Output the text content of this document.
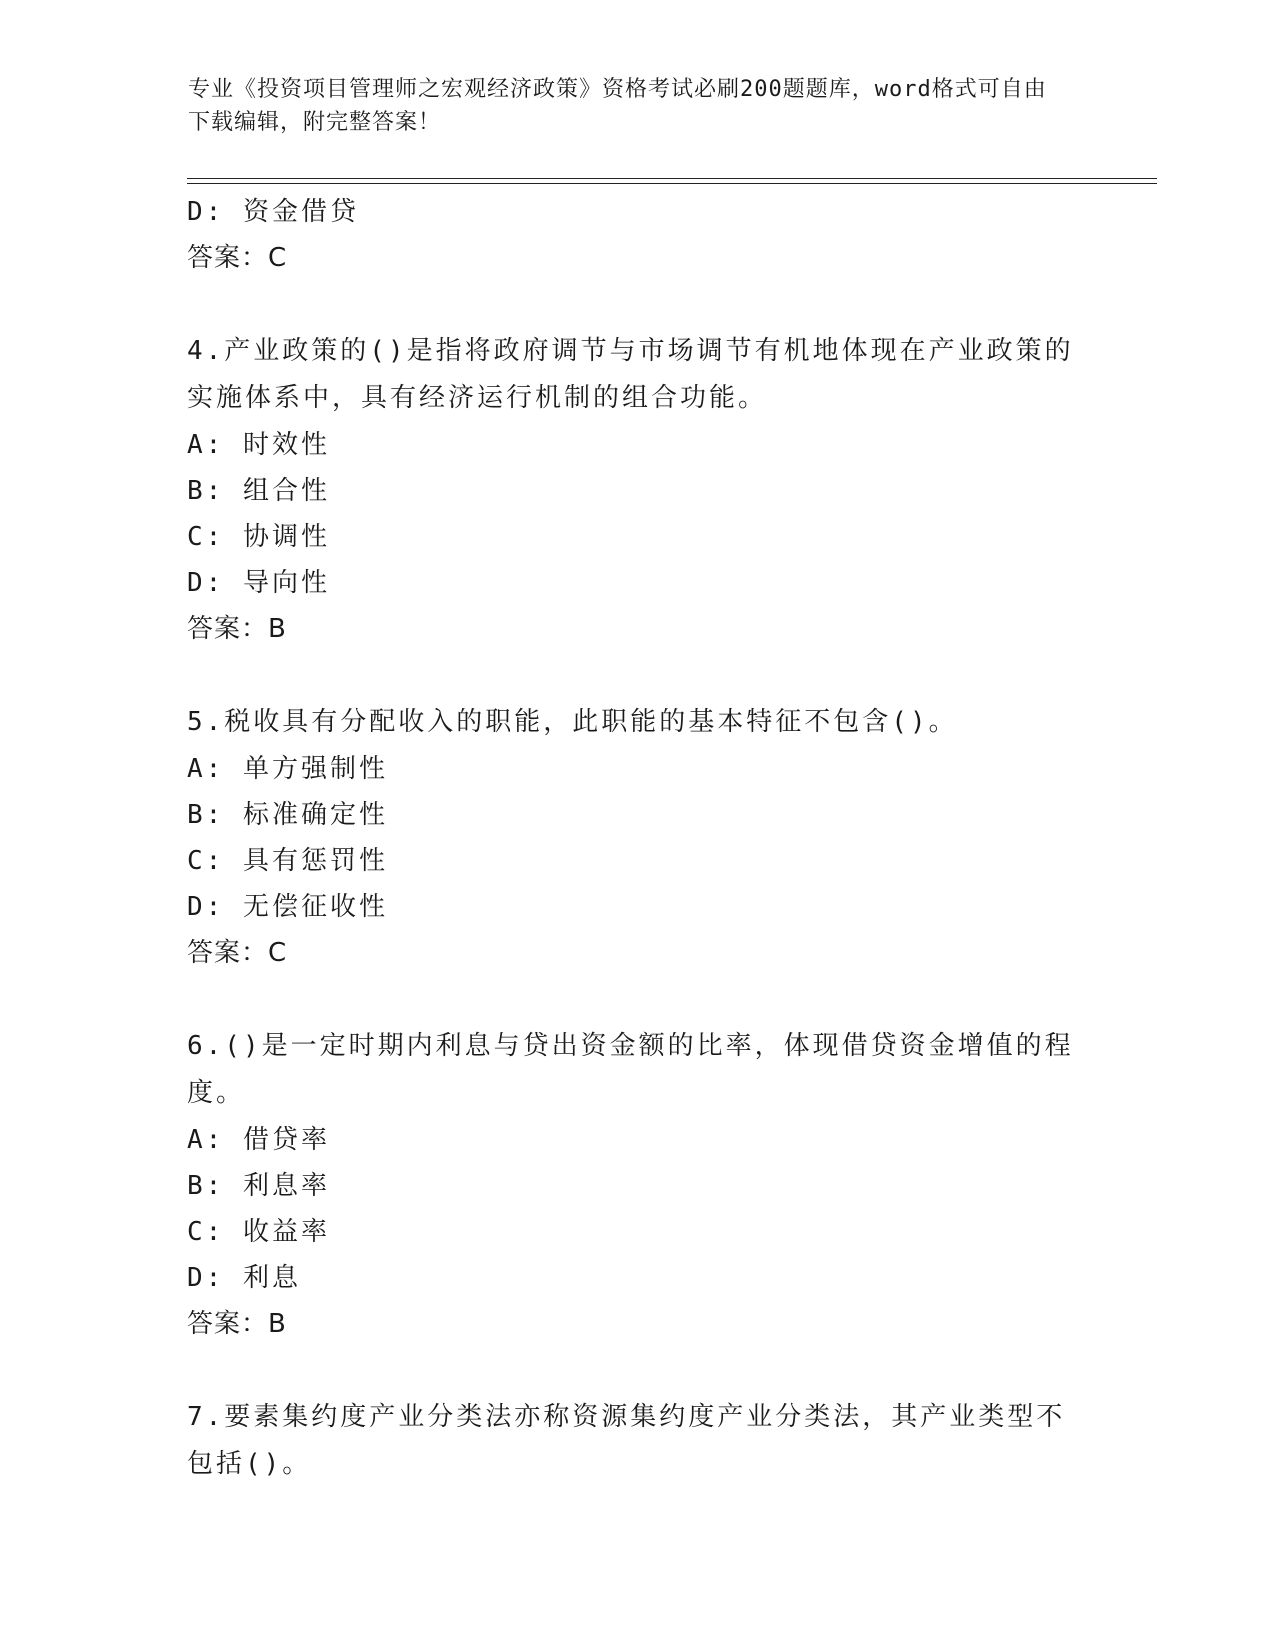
专业《投资项目管理师之宏观经济政策》资格考试必刷200题题库，word格式可自由下载编辑，附完整答案！
D: 资金借贷
答案：C
4.产业政策的()是指将政府调节与市场调节有机地体现在产业政策的实施体系中，具有经济运行机制的组合功能。
A: 时效性
B: 组合性
C: 协调性
D: 导向性
答案：B
5.税收具有分配收入的职能，此职能的基本特征不包含()。
A: 单方强制性
B: 标准确定性
C: 具有惩罚性
D: 无偿征收性
答案：C
6.()是一定时期内利息与贷出资金额的比率，体现借贷资金增值的程度。
A: 借贷率
B: 利息率
C: 收益率
D: 利息
答案：B
7.要素集约度产业分类法亦称资源集约度产业分类法，其产业类型不包括()。
